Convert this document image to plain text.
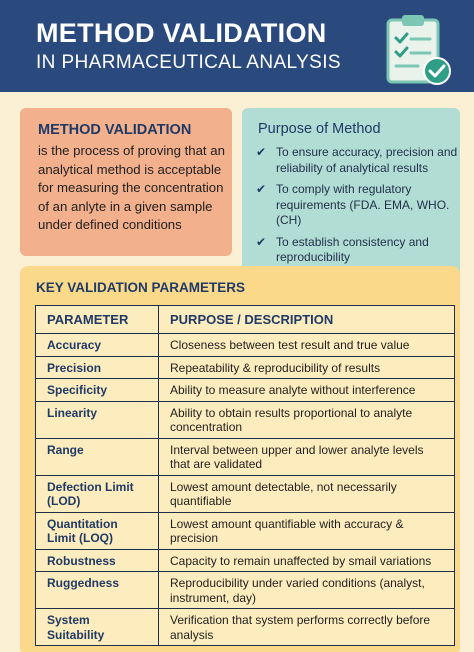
METHOD VALIDATION
IN PHARMACEUTICAL ANALYSIS
METHOD VALIDATION
is the process of proving that an analytical method is acceptable for measuring the concentration of an anlyte in a given sample under defined conditions
Purpose of Method
✔ To ensure accuracy, precision and reliability of analytical results
✔ To comply with regulatory requirements (FDA. EMA, WHO. (CH)
✔ To establish consistency and reproducibility
KEY VALIDATION PARAMETERS
PARAMETER	PURPOSE / DESCRIPTION
Accuracy	Closeness between test result and true value
Precision	Repeatability & reproducibility of results
Specificity	Ability to measure analyte without interference
Linearity	Ability to obtain results proportional to analyte concentration
Range	Interval between upper and lower analyte levels that are validated
Defection Limit (LOD)	Lowest amount detectable, not necessarily quantifiable
Quantitation Limit (LOQ)	Lowest amount quantifiable with accuracy & precision
Robustness	Capacity to remain unaffected by smail variations
Ruggedness	Reproducibility under varied conditions (analyst, instrument, day)
System Suitability	Verification that system performs correctly before analysis
